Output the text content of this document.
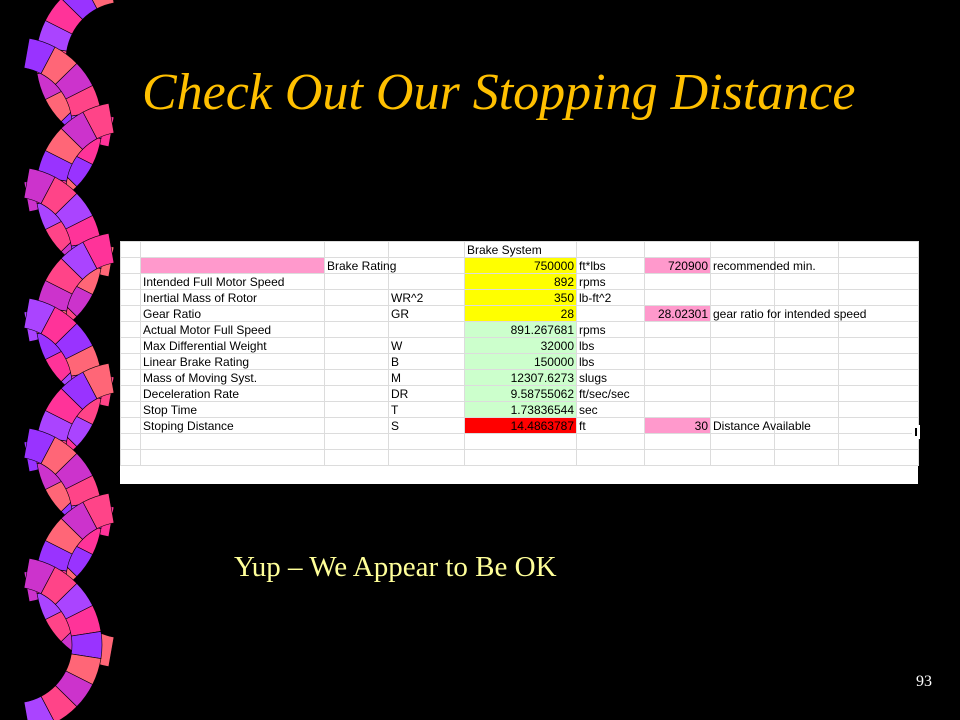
Check Out Our Stopping Distance
				Brake System					
		Brake Rating		750000	ft*lbs	720900	recommended min.		
	Intended Full Motor Speed			892	rpms				
	Inertial Mass of Rotor		WR^2	350	lb-ft^2				
	Gear Ratio		GR	28		28.02301	gear ratio for intended speed		
	Actual Motor Full Speed			891.267681	rpms				
	Max Differential Weight		W	32000	lbs				
	Linear Brake Rating		B	150000	lbs				
	Mass of Moving Syst.		M	12307.6273	slugs				
	Deceleration Rate		DR	9.58755062	ft/sec/sec				
	Stop Time		T	1.73836544	sec				
	Stoping Distance		S	14.4863787	ft	30	Distance Available		

Yup – We Appear to Be OK
93
